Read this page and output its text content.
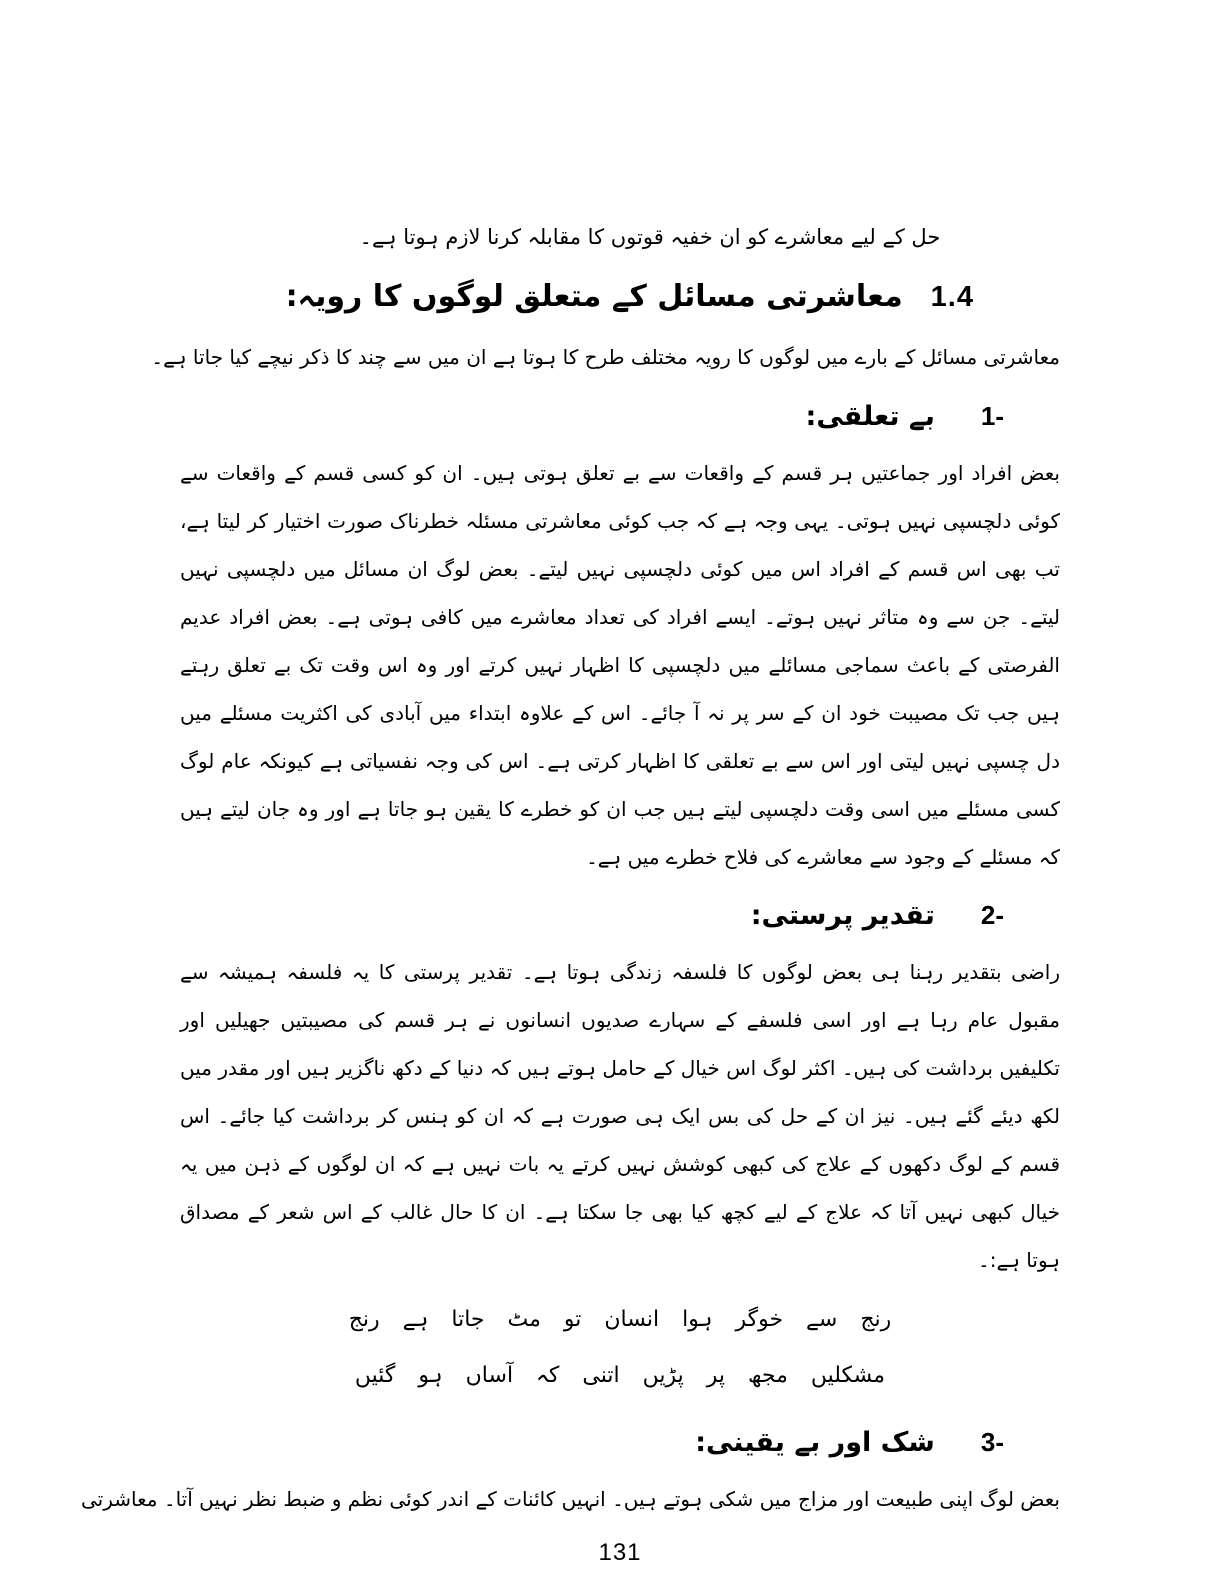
حل کے لیے معاشرے کو ان خفیہ قوتوں کا مقابلہ کرنا لازم ہوتا ہے۔

1.4
معاشرتی مسائل کے متعلق لوگوں کا رویہ:

معاشرتی مسائل کے بارے میں لوگوں کا رویہ مختلف طرح کا ہوتا ہے ان میں سے چند کا ذکر نیچے کیا جاتا ہے۔

-1
بے تعلقی:

بعض افراد اور جماعتیں ہر قسم کے واقعات سے بے تعلق ہوتی ہیں۔ ان کو کسی قسم کے واقعات سے کوئی دلچسپی نہیں ہوتی۔ یہی وجہ ہے کہ جب کوئی معاشرتی مسئلہ خطرناک صورت اختیار کر لیتا ہے، تب بھی اس قسم کے افراد اس میں کوئی دلچسپی نہیں لیتے۔ بعض لوگ ان مسائل میں دلچسپی نہیں لیتے۔ جن سے وہ متاثر نہیں ہوتے۔ ایسے افراد کی تعداد معاشرے میں کافی ہوتی ہے۔ بعض افراد عدیم الفرصتی کے باعث سماجی مسائلے میں دلچسپی کا اظہار نہیں کرتے اور وہ اس وقت تک بے تعلق رہتے ہیں جب تک مصیبت خود ان کے سر پر نہ آ جائے۔ اس کے علاوہ ابتداء میں آبادی کی اکثریت مسئلے میں دل چسپی نہیں لیتی اور اس سے بے تعلقی کا اظہار کرتی ہے۔ اس کی وجہ نفسیاتی ہے کیونکہ عام لوگ کسی مسئلے میں اسی وقت دلچسپی لیتے ہیں جب ان کو خطرے کا یقین ہو جاتا ہے اور وہ جان لیتے ہیں کہ مسئلے کے وجود سے معاشرے کی فلاح خطرے میں ہے۔

-2
تقدیر پرستی:

راضی بتقدیر رہنا ہی بعض لوگوں کا فلسفہ زندگی ہوتا ہے۔ تقدیر پرستی کا یہ فلسفہ ہمیشہ سے مقبول عام رہا ہے اور اسی فلسفے کے سہارے صدیوں انسانوں نے ہر قسم کی مصیبتیں جھیلیں اور تکلیفیں برداشت کی ہیں۔ اکثر لوگ اس خیال کے حامل ہوتے ہیں کہ دنیا کے دکھ ناگزیر ہیں اور مقدر میں لکھ دیئے گئے ہیں۔ نیز ان کے حل کی بس ایک ہی صورت ہے کہ ان کو ہنس کر برداشت کیا جائے۔ اس قسم کے لوگ دکھوں کے علاج کی کبھی کوشش نہیں کرتے یہ بات نہیں ہے کہ ان لوگوں کے ذہن میں یہ خیال کبھی نہیں آتا کہ علاج کے لیے کچھ کیا بھی جا سکتا ہے۔ ان کا حال غالب کے اس شعر کے مصداق ہوتا ہے:۔

رنج سے خوگر ہوا انسان تو مٹ جاتا ہے رنج

مشکلیں مجھ پر پڑیں اتنی کہ آساں ہو گئیں

-3
شک اور بے یقینی:

بعض لوگ اپنی طبیعت اور مزاج میں شکی ہوتے ہیں۔ انہیں کائنات کے اندر کوئی نظم و ضبط نظر نہیں آتا۔ معاشرتی

131
